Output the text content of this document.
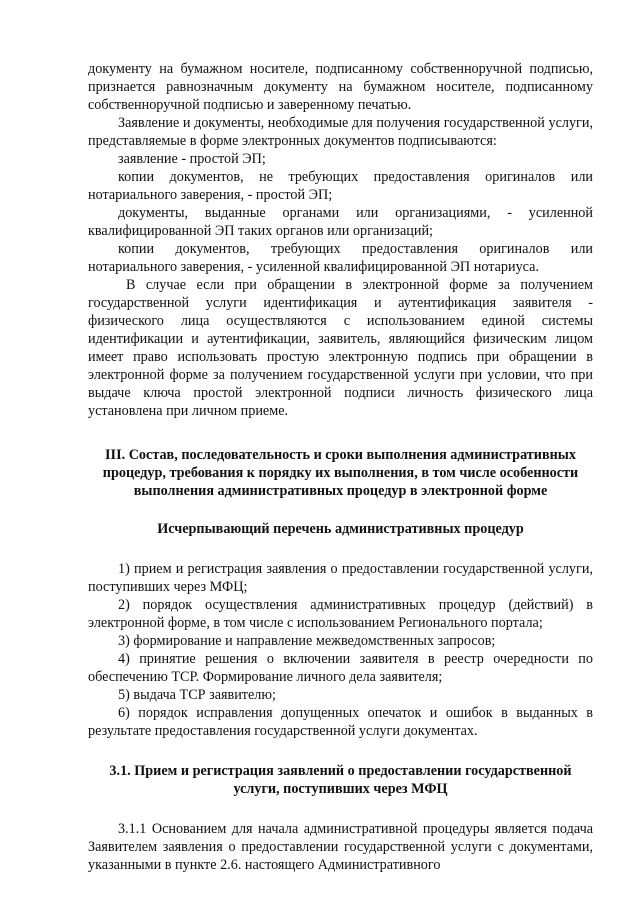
документу на бумажном носителе, подписанному собственноручной подписью, признается равнозначным документу на бумажном носителе, подписанному собственноручной подписью и заверенному печатью.

Заявление и документы, необходимые для получения государственной услуги, представляемые в форме электронных документов подписываются:

заявление - простой ЭП;

копии документов, не требующих предоставления оригиналов или нотариального заверения, - простой ЭП;

документы, выданные органами или организациями, - усиленной квалифицированной ЭП таких органов или организаций;

копии документов, требующих предоставления оригиналов или нотариального заверения, - усиленной квалифицированной ЭП нотариуса.

В случае если при обращении в электронной форме за получением государственной услуги идентификация и аутентификация заявителя - физического лица осуществляются с использованием единой системы идентификации и аутентификации, заявитель, являющийся физическим лицом имеет право использовать простую электронную подпись при обращении в электронной форме за получением государственной услуги при условии, что при выдаче ключа простой электронной подписи личность физического лица установлена при личном приеме.

III. Состав, последовательность и сроки выполнения административных процедур, требования к порядку их выполнения, в том числе особенности выполнения административных процедур в электронной форме

Исчерпывающий перечень административных процедур

1) прием и регистрация заявления о предоставлении государственной услуги, поступивших через МФЦ;

2) порядок осуществления административных процедур (действий) в электронной форме, в том числе с использованием Регионального портала;

3) формирование и направление межведомственных запросов;

4) принятие решения о включении заявителя в реестр очередности по обеспечению ТСР. Формирование личного дела заявителя;

5) выдача ТСР заявителю;

6) порядок исправления допущенных опечаток и ошибок в выданных в результате предоставления государственной услуги документах.

3.1. Прием и регистрация заявлений о предоставлении государственной услуги, поступивших через МФЦ

3.1.1 Основанием для начала административной процедуры является подача Заявителем заявления о предоставлении государственной услуги с документами, указанными в пункте 2.6. настоящего Административного
